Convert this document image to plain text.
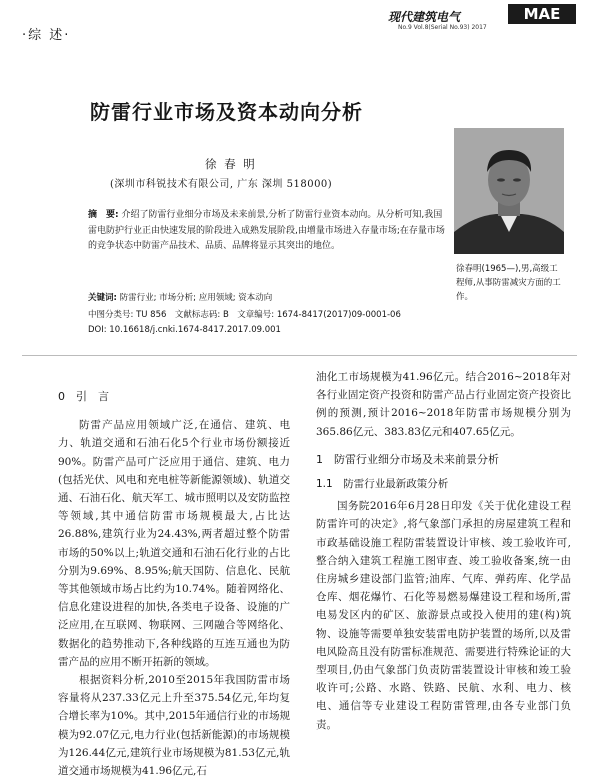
·综 述·
现代建筑电气	MAE
No.9 Vol.8(Serial No.93) 2017
防雷行业市场及资本动向分析
徐 春 明
(深圳市科锐技术有限公司, 广东 深圳 518000)
徐春明(1965—),男,高级工程师,从事防雷减灾方面的工作。
摘　要: 介绍了防雷行业细分市场及未来前景,分析了防雷行业资本动向。从分析可知,我国雷电防护行业正由快速发展的阶段进入成熟发展阶段,由增量市场进入存量市场;在存量市场的竞争状态中防雷产品技术、品质、品牌将显示其突出的地位。
关键词: 防雷行业; 市场分析; 应用领域; 资本动向
中图分类号: TU 856　文献标志码: B　文章编号: 1674-8417(2017)09-0001-06
DOI: 10.16618/j.cnki.1674-8417.2017.09.001

0　引　言

防雷产品应用领域广泛,在通信、建筑、电力、轨道交通和石油石化5个行业市场份额接近90%。防雷产品可广泛应用于通信、建筑、电力(包括光伏、风电和充电桩等新能源领域)、轨道交通、石油石化、航天军工、城市照明以及安防监控等领域,其中通信防雷市场规模最大,占比达26.88%,建筑行业为24.43%,两者超过整个防雷市场的50%以上;轨道交通和石油石化行业的占比分别为9.69%、8.95%;航天国防、信息化、民航等其他领域市场占比约为10.74%。随着网络化、信息化建设进程的加快,各类电子设备、设施的广泛应用,在互联网、物联网、三网融合等网络化、数据化的趋势推动下,各种线路的互连互通也为防雷产品的应用不断开拓新的领域。

根据资料分析,2010至2015年我国防雷市场容量将从237.33亿元上升至375.54亿元,年均复合增长率为10%。其中,2015年通信行业的市场规模为92.07亿元,电力行业(包括新能源)的市场规模为126.44亿元,建筑行业市场规模为81.53亿元,轨道交通市场规模为41.96亿元,石

油化工市场规模为41.96亿元。结合2016~2018年对各行业固定资产投资和防雷产品占行业固定资产投资比例的预测,预计2016~2018年防雷市场规模分别为365.86亿元、383.83亿元和407.65亿元。

1　防雷行业细分市场及未来前景分析

1.1　防雷行业最新政策分析

国务院2016年6月28日印发《关于优化建设工程防雷许可的决定》,将气象部门承担的房屋建筑工程和市政基础设施工程防雷装置设计审核、竣工验收许可,整合纳入建筑工程施工图审查、竣工验收备案,统一由住房城乡建设部门监管;油库、气库、弹药库、化学品仓库、烟花爆竹、石化等易燃易爆建设工程和场所,雷电易发区内的矿区、旅游景点或投入使用的建(构)筑物、设施等需要单独安装雷电防护装置的场所,以及雷电风险高且没有防雷标准规范、需要进行特殊论证的大型项目,仍由气象部门负责防雷装置设计审核和竣工验收许可;公路、水路、铁路、民航、水利、电力、核电、通信等专业建设工程防雷管理,由各专业部门负责。
